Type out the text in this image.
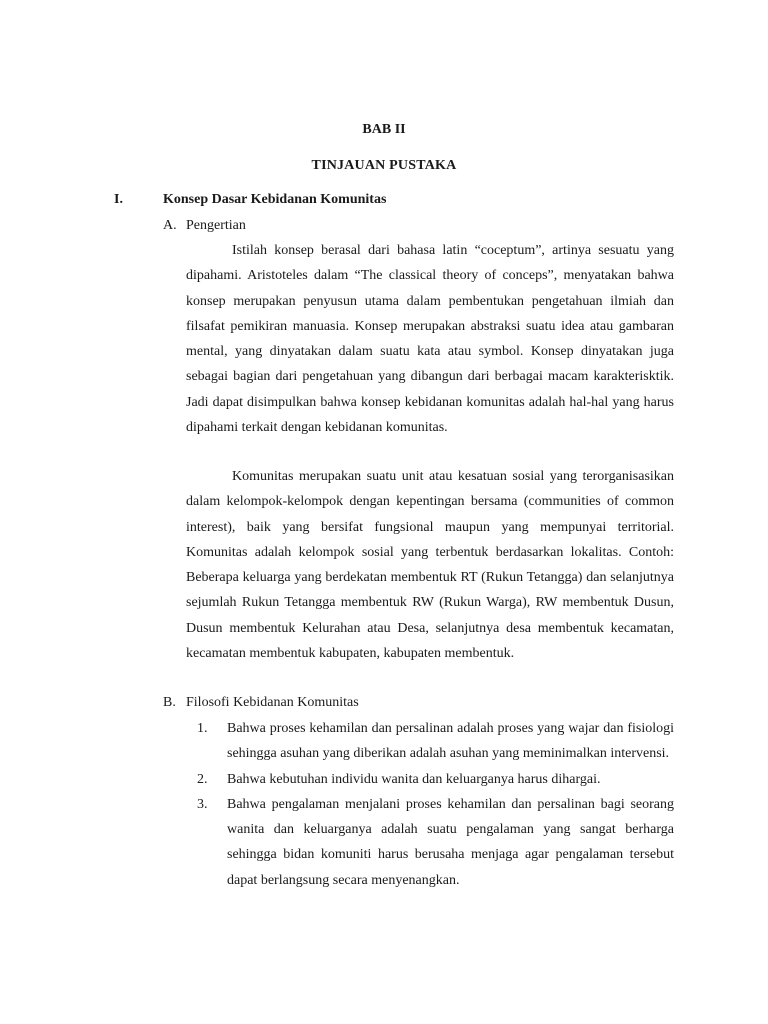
BAB II
TINJAUAN PUSTAKA
I.	Konsep Dasar Kebidanan Komunitas
A. Pengertian

Istilah konsep berasal dari bahasa latin “coceptum”, artinya sesuatu yang dipahami. Aristoteles dalam “The classical theory of conceps”, menyatakan bahwa konsep merupakan penyusun utama dalam pembentukan pengetahuan ilmiah dan filsafat pemikiran manuasia. Konsep merupakan abstraksi suatu idea atau gambaran mental, yang dinyatakan dalam suatu kata atau symbol. Konsep dinyatakan juga sebagai bagian dari pengetahuan yang dibangun dari berbagai macam karakterisktik. Jadi dapat disimpulkan bahwa konsep kebidanan komunitas adalah hal-hal yang harus dipahami terkait dengan kebidanan komunitas.

Komunitas merupakan suatu unit atau kesatuan sosial yang terorganisasikan dalam kelompok-kelompok dengan kepentingan bersama (communities of common interest), baik yang bersifat fungsional maupun yang mempunyai territorial. Komunitas adalah kelompok sosial yang terbentuk berdasarkan lokalitas. Contoh: Beberapa keluarga yang berdekatan membentuk RT (Rukun Tetangga) dan selanjutnya sejumlah Rukun Tetangga membentuk RW (Rukun Warga), RW membentuk Dusun, Dusun membentuk Kelurahan atau Desa, selanjutnya desa membentuk kecamatan, kecamatan membentuk kabupaten, kabupaten membentuk.

B. Filosofi Kebidanan Komunitas
1. Bahwa proses kehamilan dan persalinan adalah proses yang wajar dan fisiologi sehingga asuhan yang diberikan adalah asuhan yang meminimalkan intervensi.
2. Bahwa kebutuhan individu wanita dan keluarganya harus dihargai.
3. Bahwa pengalaman menjalani proses kehamilan dan persalinan bagi seorang wanita dan keluarganya adalah suatu pengalaman yang sangat berharga sehingga bidan komuniti harus berusaha menjaga agar pengalaman tersebut dapat berlangsung secara menyenangkan.
